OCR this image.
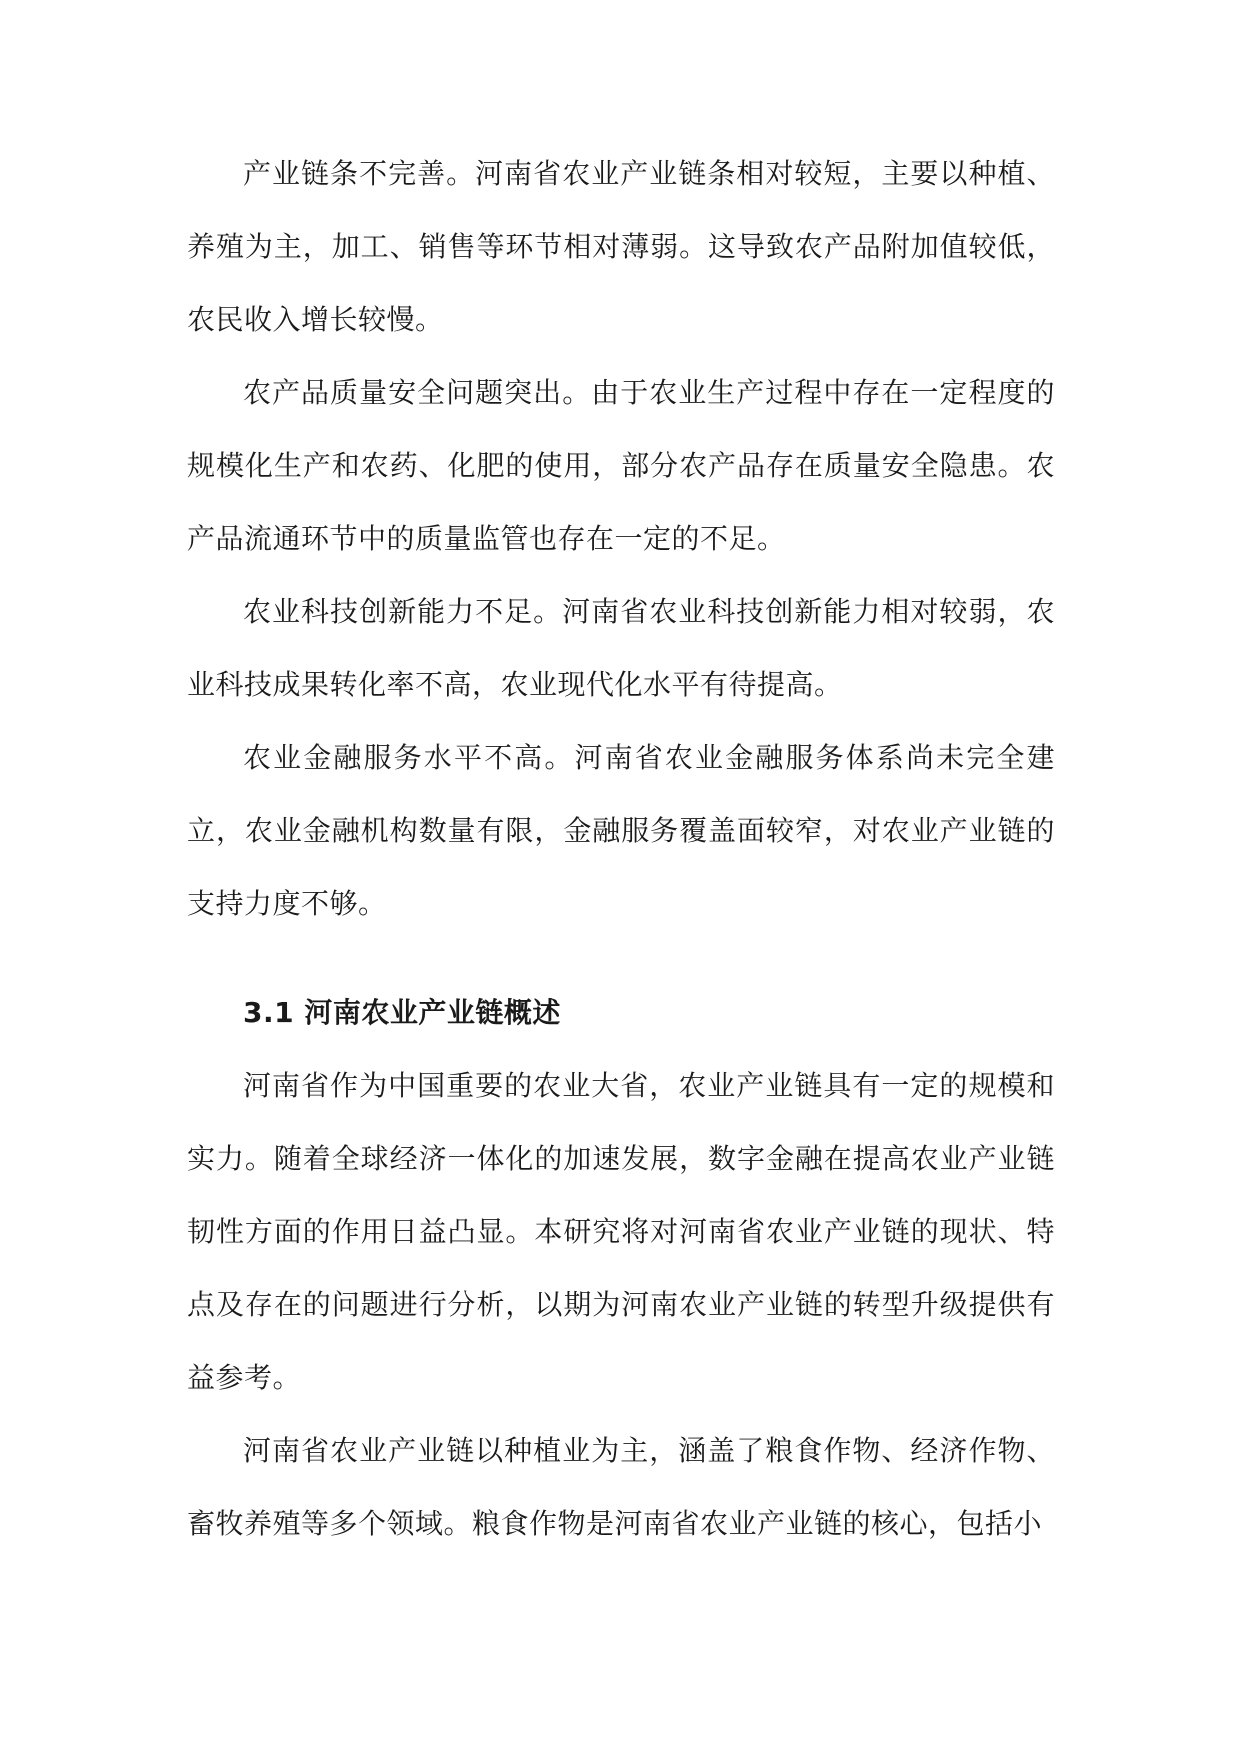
产业链条不完善。河南省农业产业链条相对较短，主要以种植、养殖为主，加工、销售等环节相对薄弱。这导致农产品附加值较低，农民收入增长较慢。

农产品质量安全问题突出。由于农业生产过程中存在一定程度的规模化生产和农药、化肥的使用，部分农产品存在质量安全隐患。农产品流通环节中的质量监管也存在一定的不足。

农业科技创新能力不足。河南省农业科技创新能力相对较弱，农业科技成果转化率不高，农业现代化水平有待提高。

农业金融服务水平不高。河南省农业金融服务体系尚未完全建立，农业金融机构数量有限，金融服务覆盖面较窄，对农业产业链的支持力度不够。

3.1 河南农业产业链概述

河南省作为中国重要的农业大省，农业产业链具有一定的规模和实力。随着全球经济一体化的加速发展，数字金融在提高农业产业链韧性方面的作用日益凸显。本研究将对河南省农业产业链的现状、特点及存在的问题进行分析，以期为河南农业产业链的转型升级提供有益参考。

河南省农业产业链以种植业为主，涵盖了粮食作物、经济作物、畜牧养殖等多个领域。粮食作物是河南省农业产业链的核心，包括小
